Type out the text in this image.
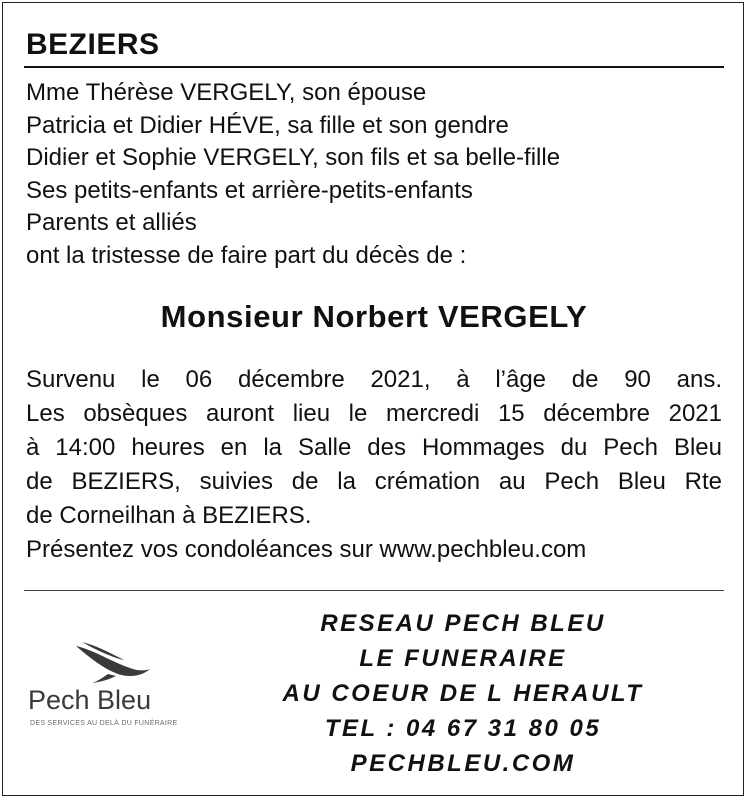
BEZIERS
Mme Thérèse VERGELY, son épouse
Patricia et Didier HÉVE, sa fille et son gendre
Didier et Sophie VERGELY, son fils et sa belle-fille
Ses petits-enfants et arrière-petits-enfants
Parents et alliés
ont la tristesse de faire part du décès de :
Monsieur Norbert VERGELY
Survenu le 06 décembre 2021, à l’âge de 90 ans.
Les obsèques auront lieu le mercredi 15 décembre 2021
à 14:00 heures en la Salle des Hommages du Pech Bleu
de BEZIERS, suivies de la crémation au Pech Bleu Rte
de Corneilhan à BEZIERS.
Présentez vos condoléances sur www.pechbleu.com
Pech Bleu
DES SERVICES AU DELÀ DU FUNÉRAIRE
RESEAU PECH BLEU
LE FUNERAIRE
AU COEUR DE L HERAULT
TEL : 04 67 31 80 05
PECHBLEU.COM
